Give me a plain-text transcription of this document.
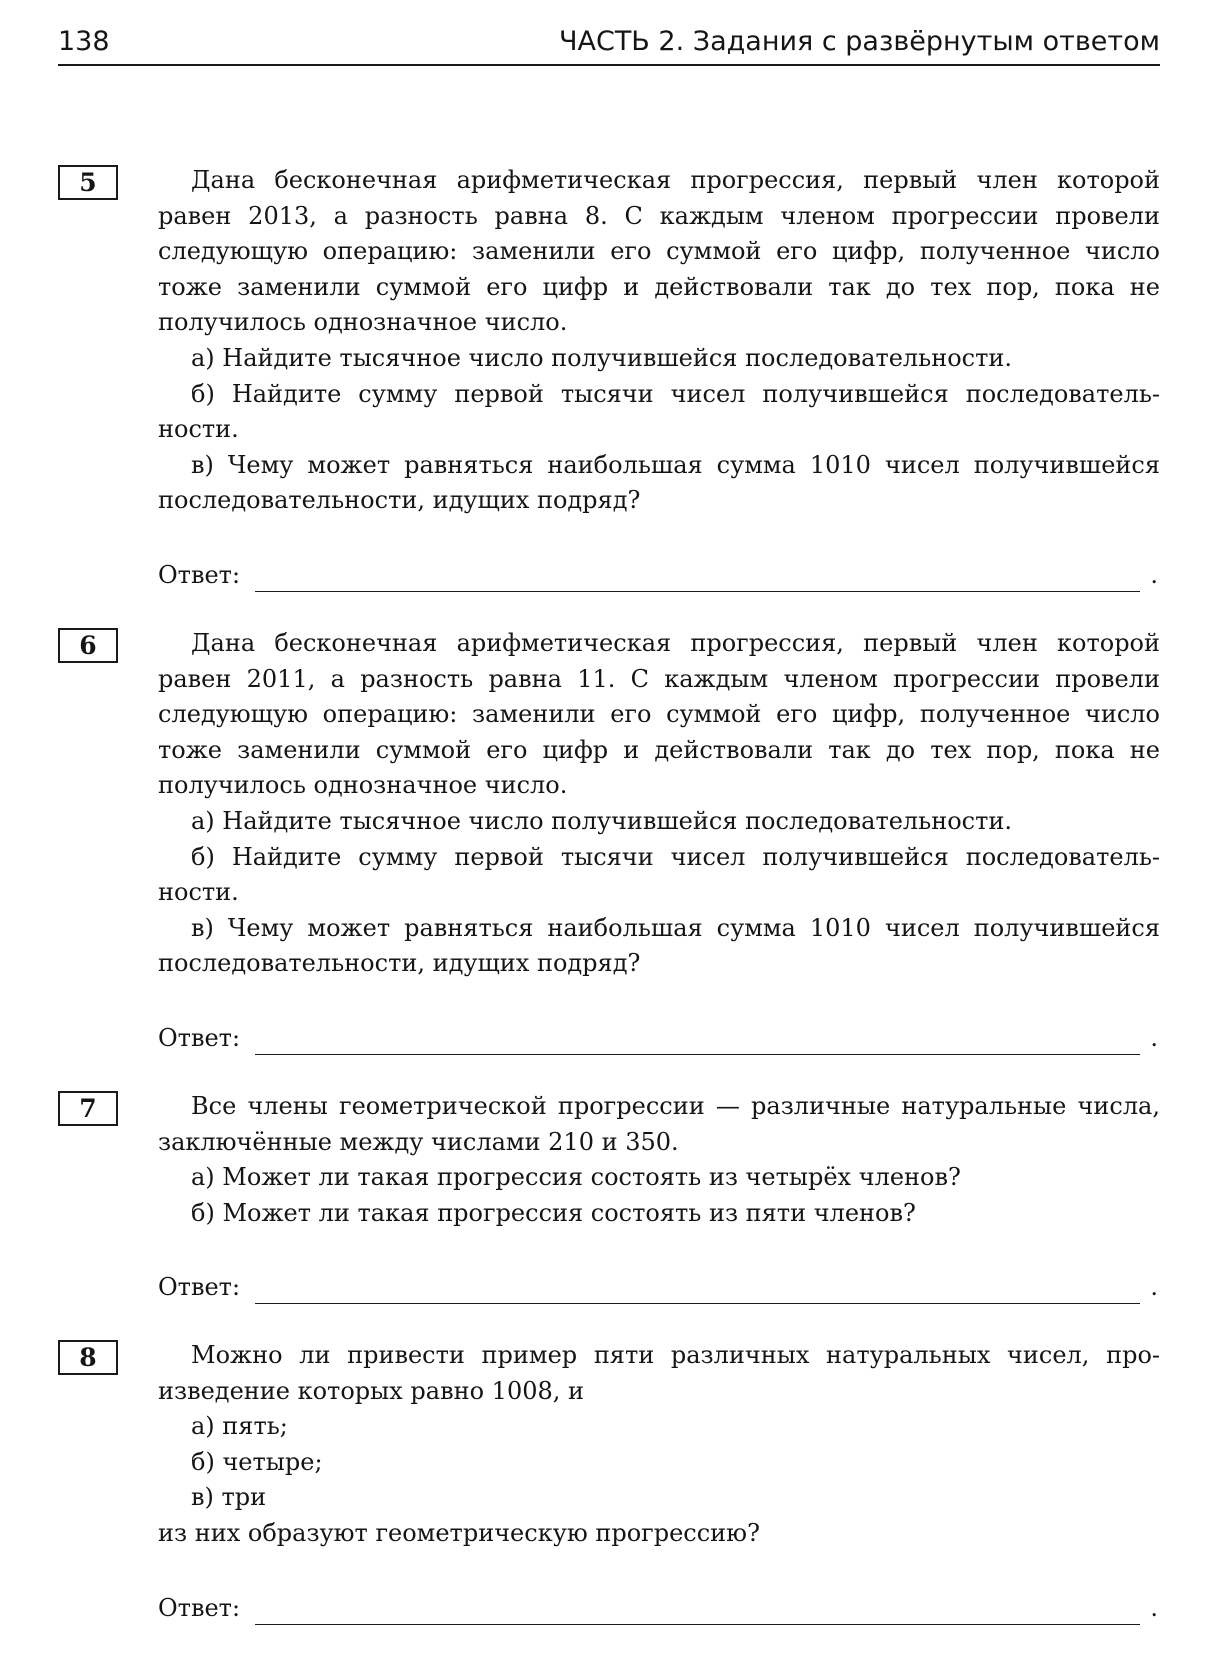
138	ЧАСТЬ 2. Задания с развёрнутым ответом
5	Дана бесконечная арифметическая прогрессия, первый член которой равен 2013, а разность равна 8. С каждым членом прогрессии провели следующую операцию: заменили его суммой его цифр, полученное число тоже заменили суммой его цифр и действовали так до тех пор, пока не получилось однозначное число.

а) Найдите тысячное число получившейся последовательности.

б) Найдите сумму первой тысячи чисел получившейся последовательности.

в) Чему может равняться наибольшая сумма 1010 чисел получившейся последовательности, идущих подряд?

Ответ:	.
6	Дана бесконечная арифметическая прогрессия, первый член которой равен 2011, а разность равна 11. С каждым членом прогрессии провели следующую операцию: заменили его суммой его цифр, полученное число тоже заменили суммой его цифр и действовали так до тех пор, пока не получилось однозначное число.

а) Найдите тысячное число получившейся последовательности.

б) Найдите сумму первой тысячи чисел получившейся последовательности.

в) Чему может равняться наибольшая сумма 1010 чисел получившейся последовательности, идущих подряд?

Ответ:	.
7	Все члены геометрической прогрессии — различные натуральные числа, заключённые между числами 210 и 350.

а) Может ли такая прогрессия состоять из четырёх членов?

б) Может ли такая прогрессия состоять из пяти членов?

Ответ:	.
8	Можно ли привести пример пяти различных натуральных чисел, произведение которых равно 1008, и

а) пять;

б) четыре;

в) три

из них образуют геометрическую прогрессию?

Ответ:	.
